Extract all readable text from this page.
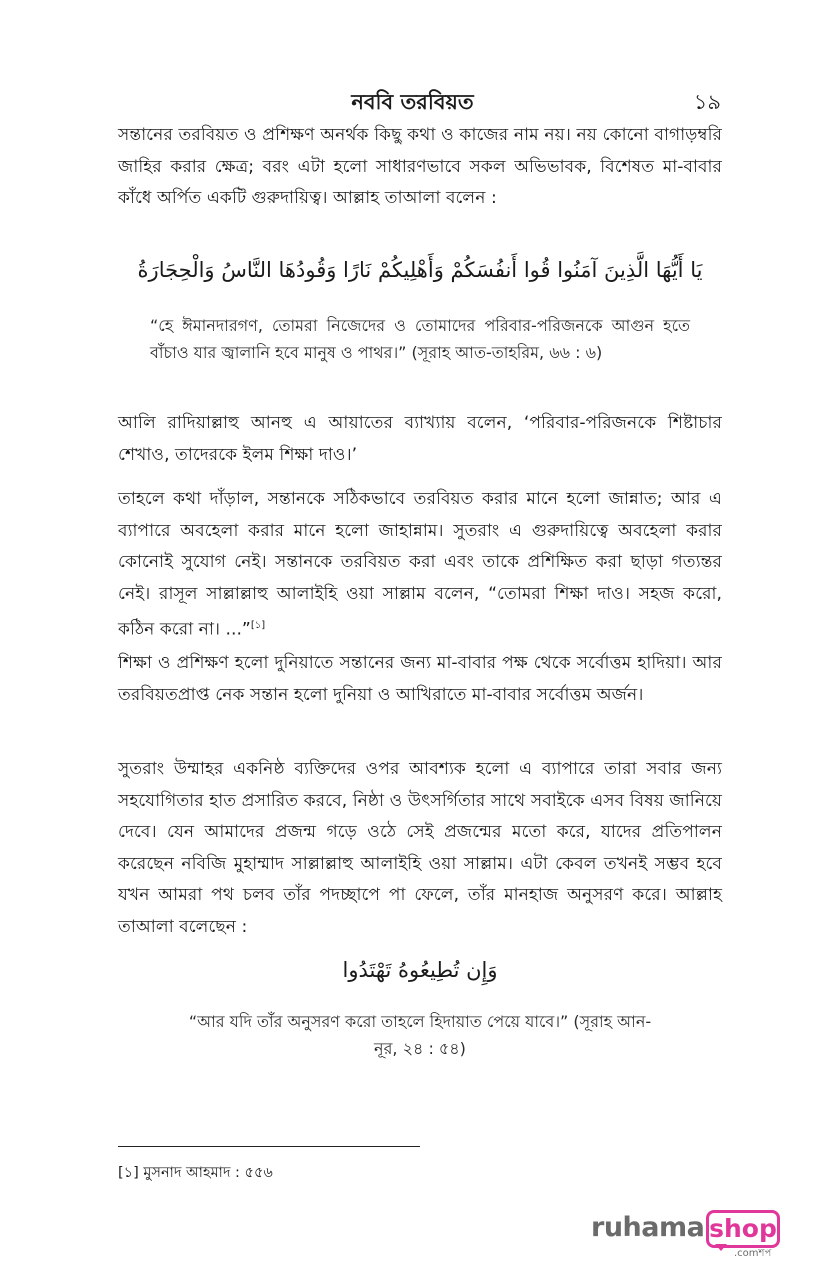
নববি তরবিয়ত	১৯
সন্তানের তরবিয়ত ও প্রশিক্ষণ অনর্থক কিছু কথা ও কাজের নাম নয়। নয় কোনো বাগাড়ম্বরি জাহির করার ক্ষেত্র; বরং এটা হলো সাধারণভাবে সকল অভিভাবক, বিশেষত মা-বাবার কাঁধে অর্পিত একটি গুরুদায়িত্ব। আল্লাহ তাআলা বলেন :
يَا أَيُّهَا الَّذِينَ آمَنُوا قُوا أَنفُسَكُمْ وَأَهْلِيكُمْ نَارًا وَقُودُهَا النَّاسُ وَالْحِجَارَةُ
“হে ঈমানদারগণ, তোমরা নিজেদের ও তোমাদের পরিবার-পরিজনকে আগুন হতে বাঁচাও যার জ্বালানি হবে মানুষ ও পাথর।” (সূরাহ আত-তাহরিম, ৬৬ : ৬)
আলি রাদিয়াল্লাহু আনহু এ আয়াতের ব্যাখ্যায় বলেন, ‘পরিবার-পরিজনকে শিষ্টাচার শেখাও, তাদেরকে ইলম শিক্ষা দাও।’
তাহলে কথা দাঁড়াল, সন্তানকে সঠিকভাবে তরবিয়ত করার মানে হলো জান্নাত; আর এ ব্যাপারে অবহেলা করার মানে হলো জাহান্নাম। সুতরাং এ গুরুদায়িত্বে অবহেলা করার কোনোই সুযোগ নেই। সন্তানকে তরবিয়ত করা এবং তাকে প্রশিক্ষিত করা ছাড়া গত্যন্তর নেই। রাসূল সাল্লাল্লাহু আলাইহি ওয়া সাল্লাম বলেন, “তোমরা শিক্ষা দাও। সহজ করো, কঠিন করো না। ...”[১]
শিক্ষা ও প্রশিক্ষণ হলো দুনিয়াতে সন্তানের জন্য মা-বাবার পক্ষ থেকে সর্বোত্তম হাদিয়া। আর তরবিয়তপ্রাপ্ত নেক সন্তান হলো দুনিয়া ও আখিরাতে মা-বাবার সর্বোত্তম অর্জন।
সুতরাং উম্মাহর একনিষ্ঠ ব্যক্তিদের ওপর আবশ্যক হলো এ ব্যাপারে তারা সবার জন্য সহযোগিতার হাত প্রসারিত করবে, নিষ্ঠা ও উৎসর্গিতার সাথে সবাইকে এসব বিষয় জানিয়ে দেবে। যেন আমাদের প্রজন্ম গড়ে ওঠে সেই প্রজন্মের মতো করে, যাদের প্রতিপালন করেছেন নবিজি মুহাম্মাদ সাল্লাল্লাহু আলাইহি ওয়া সাল্লাম। এটা কেবল তখনই সম্ভব হবে যখন আমরা পথ চলব তাঁর পদচ্ছাপে পা ফেলে, তাঁর মানহাজ অনুসরণ করে। আল্লাহ তাআলা বলেছেন :
وَإِن تُطِيعُوهُ تَهْتَدُوا
“আর যদি তাঁর অনুসরণ করো তাহলে হিদায়াত পেয়ে যাবে।” (সূরাহ আন-
নূর, ২৪ : ৫৪)
[১] মুসনাদ আহমাদ : ৫৫৬
ruhama shop
.comশপ
